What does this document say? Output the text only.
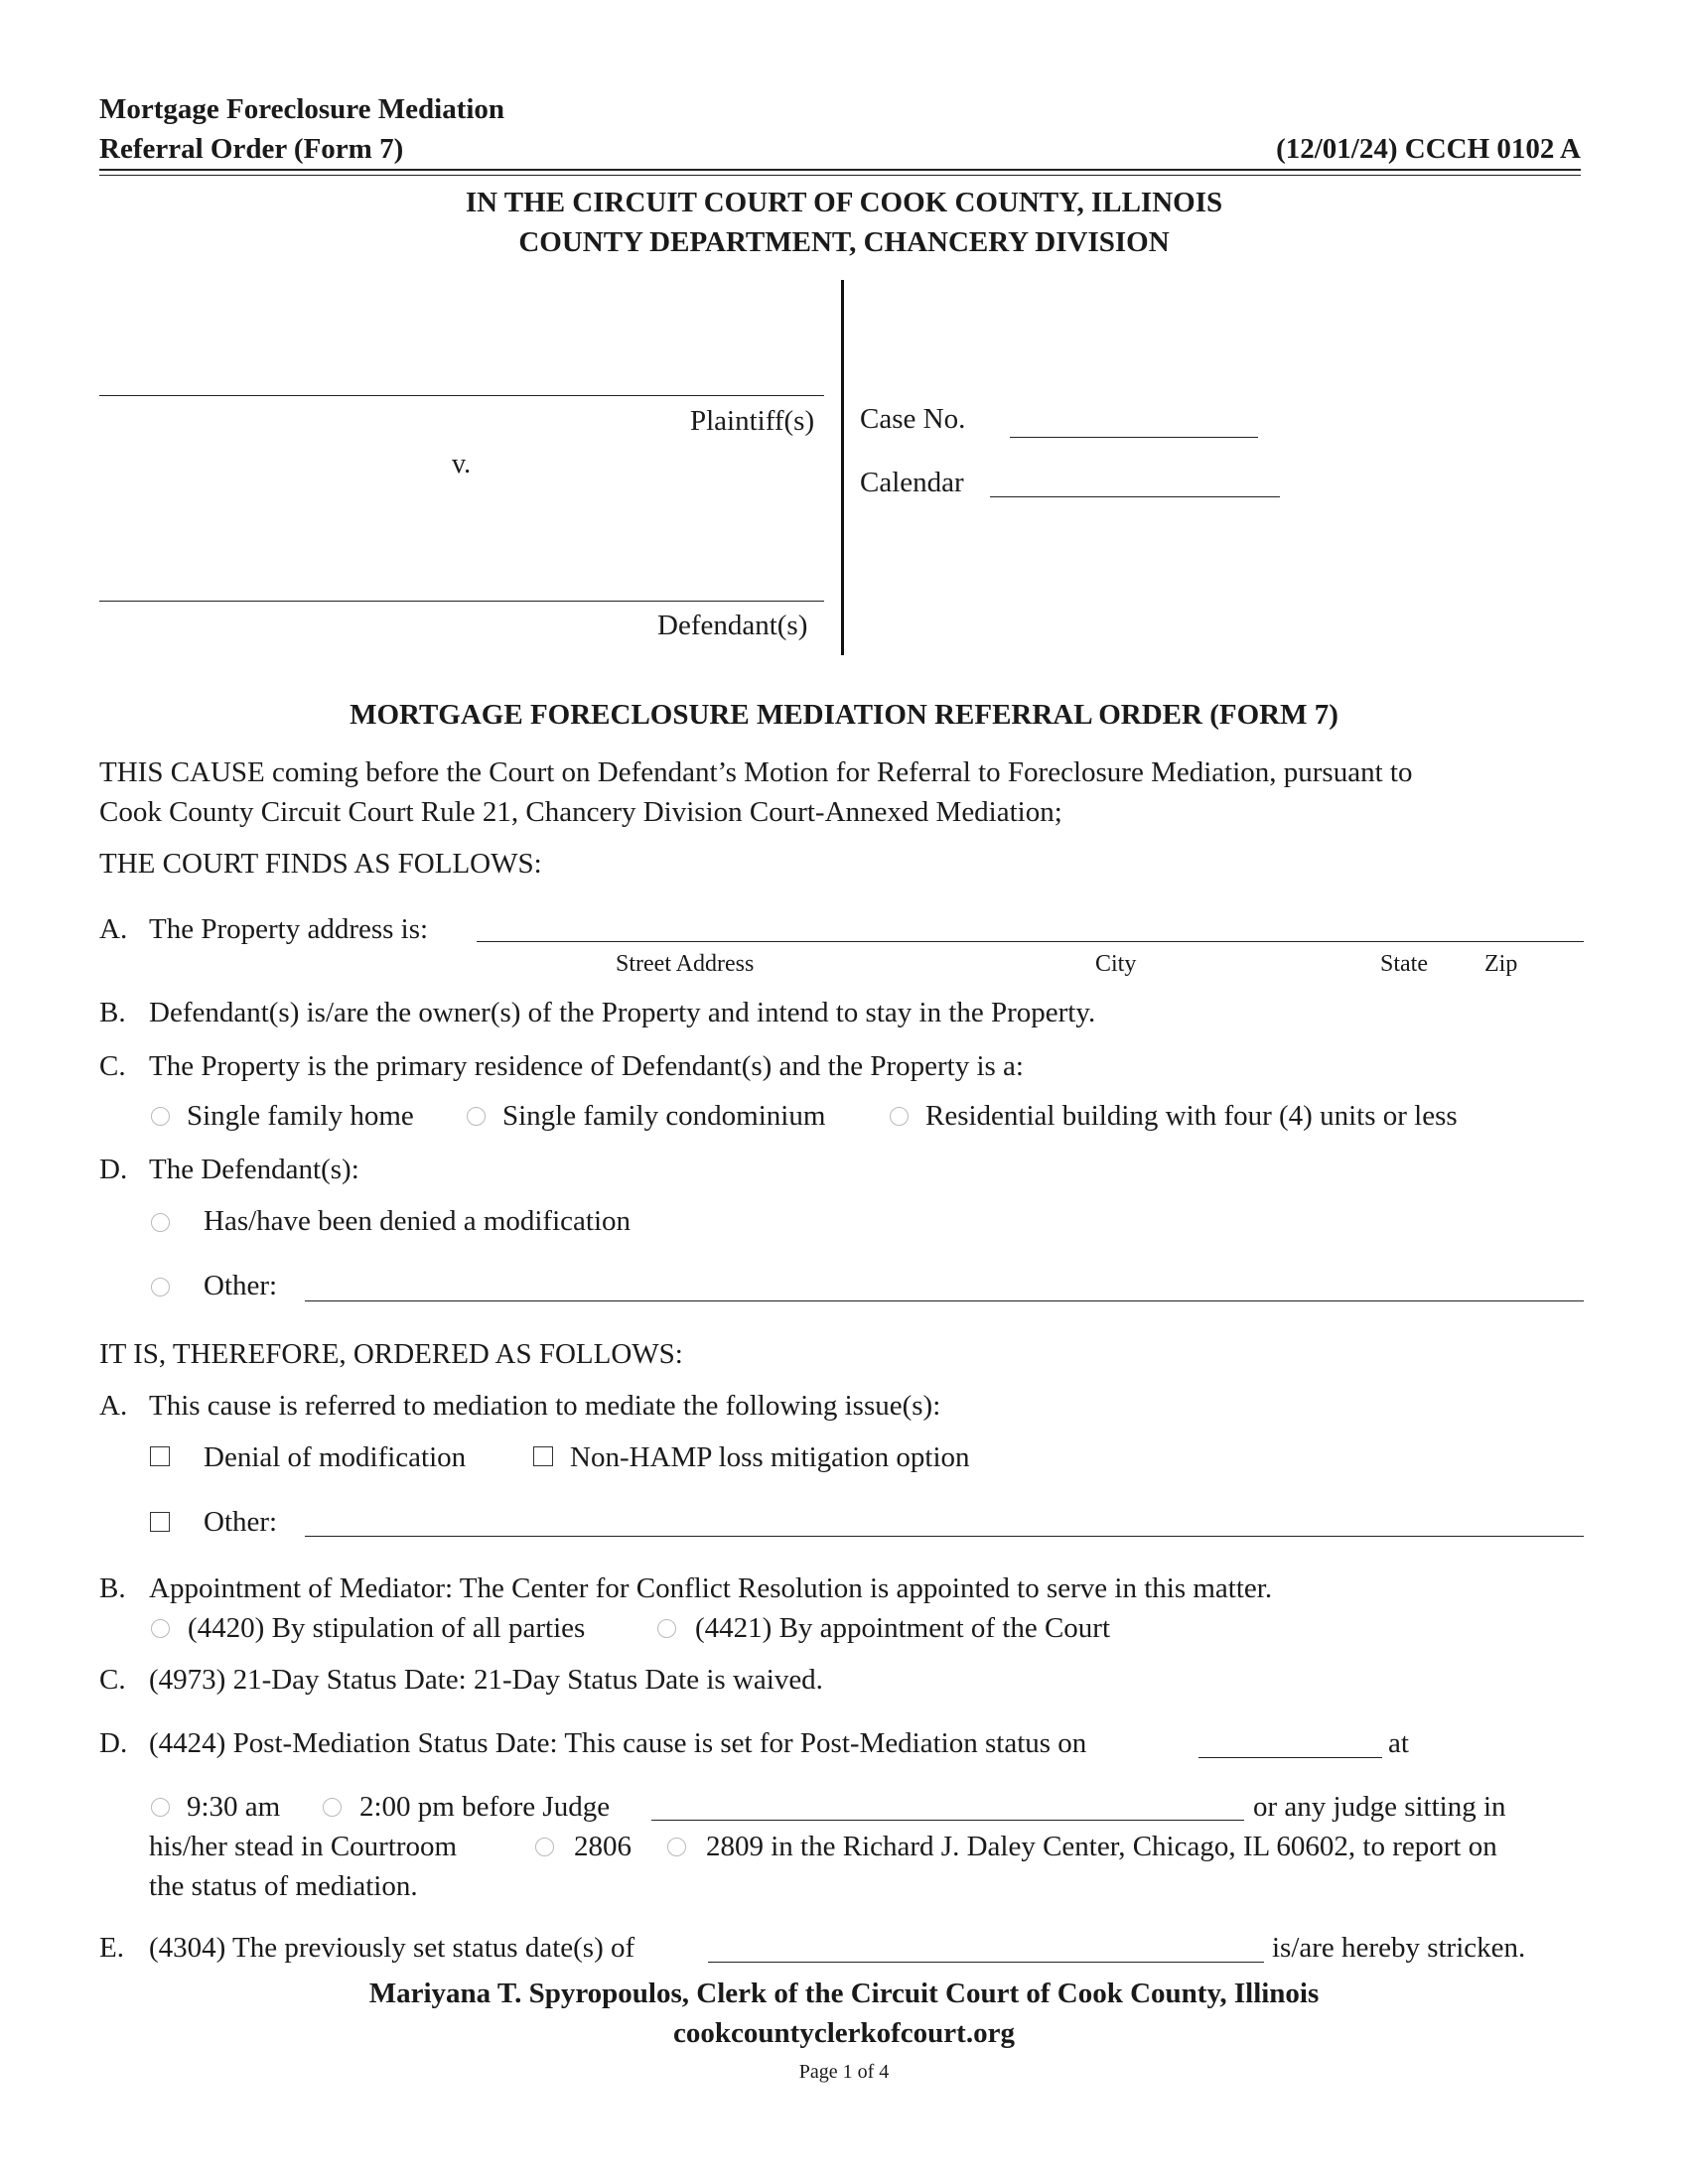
Mortgage Foreclosure Mediation
Referral Order (Form 7)	(12/01/24) CCCH 0102 A
IN THE CIRCUIT COURT OF COOK COUNTY, ILLINOIS
COUNTY DEPARTMENT, CHANCERY DIVISION
Plaintiff(s)
v.
Defendant(s)
Case No.
Calendar
MORTGAGE FORECLOSURE MEDIATION REFERRAL ORDER (FORM 7)
THIS CAUSE coming before the Court on Defendant’s Motion for Referral to Foreclosure Mediation, pursuant to
Cook County Circuit Court Rule 21, Chancery Division Court-Annexed Mediation;
THE COURT FINDS AS FOLLOWS:
A. The Property address is:
Street Address	City	State Zip
B. Defendant(s) is/are the owner(s) of the Property and intend to stay in the Property.
C. The Property is the primary residence of Defendant(s) and the Property is a:
Single family home	Single family condominium	Residential building with four (4) units or less
D. The Defendant(s):
Has/have been denied a modification
Other:
IT IS, THEREFORE, ORDERED AS FOLLOWS:
A. This cause is referred to mediation to mediate the following issue(s):
Denial of modification	Non-HAMP loss mitigation option
Other:
B. Appointment of Mediator: The Center for Conflict Resolution is appointed to serve in this matter.
(4420) By stipulation of all parties	(4421) By appointment of the Court
C. (4973) 21-Day Status Date: 21-Day Status Date is waived.
D. (4424) Post-Mediation Status Date: This cause is set for Post-Mediation status on	at
9:30 am	2:00 pm before Judge	or any judge sitting in
his/her stead in Courtroom	2806	2809 in the Richard J. Daley Center, Chicago, IL 60602, to report on
the status of mediation.
E. (4304) The previously set status date(s) of	is/are hereby stricken.
Mariyana T. Spyropoulos, Clerk of the Circuit Court of Cook County, Illinois
cookcountyclerkofcourt.org
Page 1 of 4
